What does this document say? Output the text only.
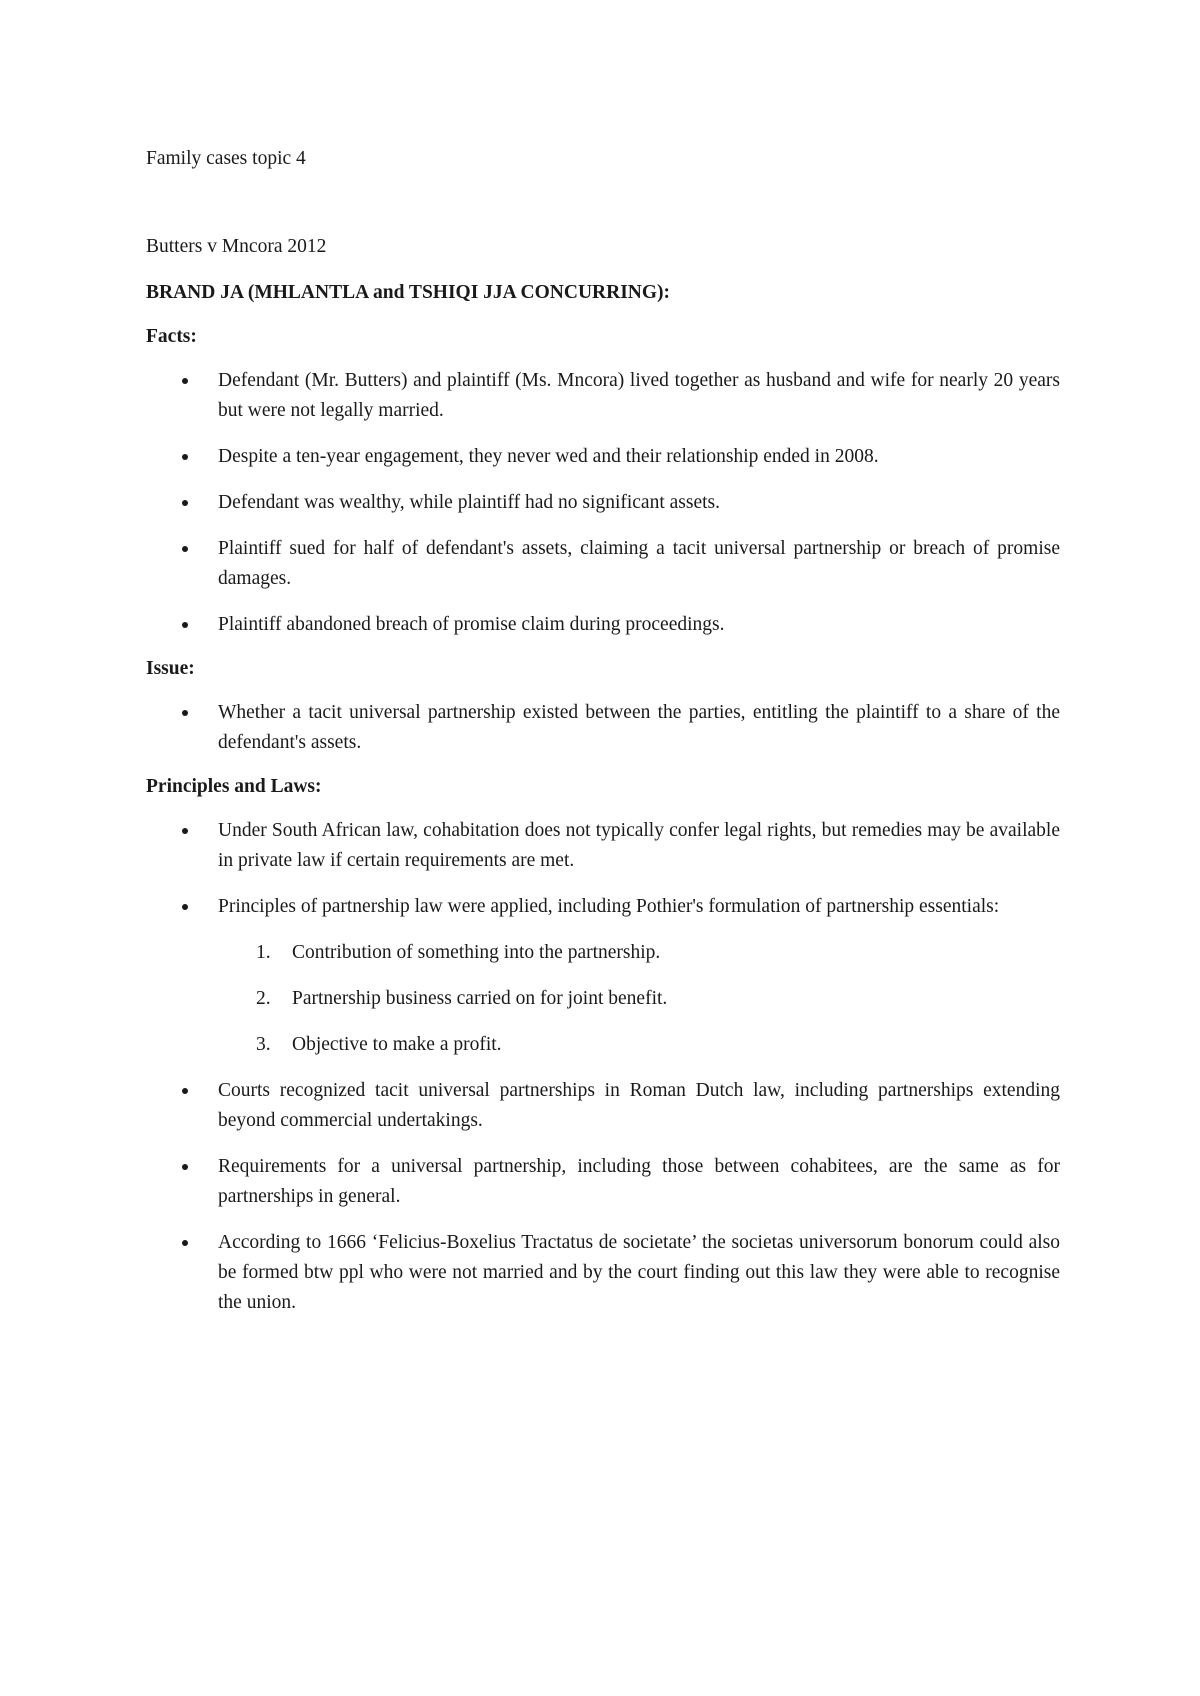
Family cases topic 4

Butters v Mncora 2012

BRAND JA (MHLANTLA and TSHIQI JJA CONCURRING):

Facts:

Defendant (Mr. Butters) and plaintiff (Ms. Mncora) lived together as husband and wife for nearly 20 years but were not legally married.
Despite a ten-year engagement, they never wed and their relationship ended in 2008.
Defendant was wealthy, while plaintiff had no significant assets.
Plaintiff sued for half of defendant's assets, claiming a tacit universal partnership or breach of promise damages.
Plaintiff abandoned breach of promise claim during proceedings.

Issue:

Whether a tacit universal partnership existed between the parties, entitling the plaintiff to a share of the defendant's assets.

Principles and Laws:

Under South African law, cohabitation does not typically confer legal rights, but remedies may be available in private law if certain requirements are met.
Principles of partnership law were applied, including Pothier's formulation of partnership essentials:
1. Contribution of something into the partnership.
2. Partnership business carried on for joint benefit.
3. Objective to make a profit.
Courts recognized tacit universal partnerships in Roman Dutch law, including partnerships extending beyond commercial undertakings.
Requirements for a universal partnership, including those between cohabitees, are the same as for partnerships in general.
According to 1666 ‘Felicius-Boxelius Tractatus de societate’ the societas universorum bonorum could also be formed btw ppl who were not married and by the court finding out this law they were able to recognise the union.
